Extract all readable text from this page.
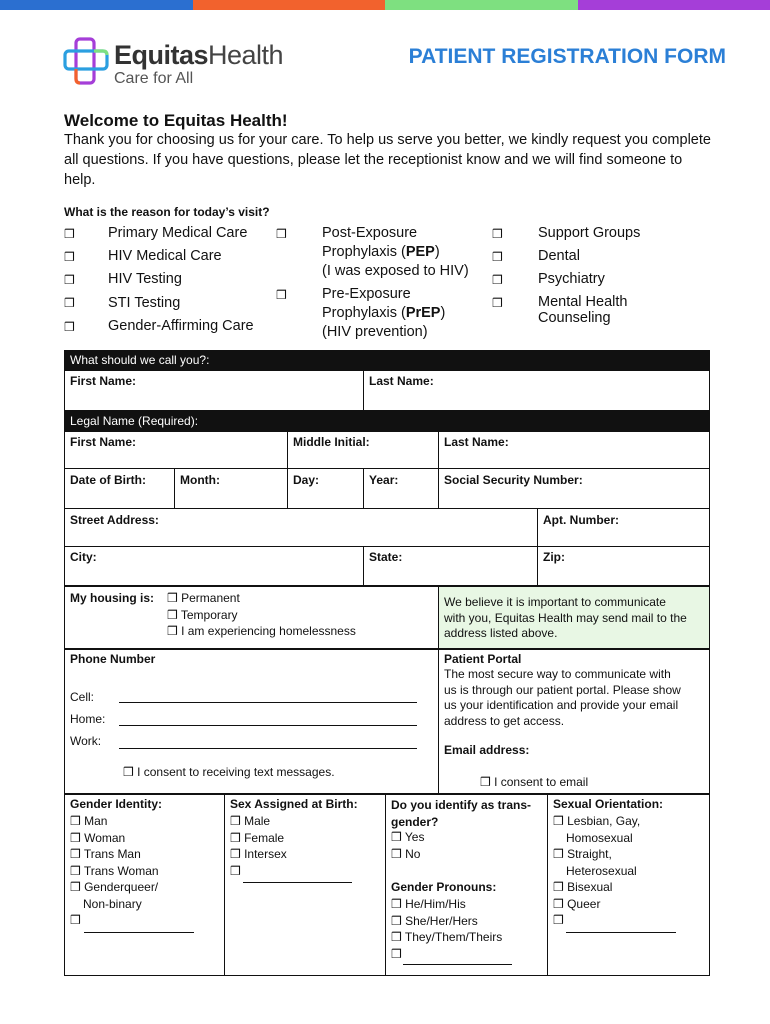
EquitasHealth
Care for All
PATIENT REGISTRATION FORM
Welcome to Equitas Health!
Thank you for choosing us for your care. To help us serve you better, we kindly request you complete all questions. If you have questions, please let the receptionist know and we will find someone to help.
What is the reason for today’s visit?
❒ Primary Medical Care
❒ HIV Medical Care
❒ HIV Testing
❒ STI Testing
❒ Gender-Affirming Care
❒ Post-Exposure
Prophylaxis (PEP)
(I was exposed to HIV)
❒ Pre-Exposure
Prophylaxis (PrEP)
(HIV prevention)
❒ Support Groups
❒ Dental
❒ Psychiatry
❒ Mental Health
Counseling
What should we call you?:
First Name:	Last Name:
Legal Name (Required):
First Name:	Middle Initial:	Last Name:
Date of Birth:	Month:	Day:	Year:	Social Security Number:
Street Address:	Apt. Number:
City:	State:	Zip:
My housing is: ❒ Permanent
❒ Temporary
❒ I am experiencing homelessness
We believe it is important to communicate
with you, Equitas Health may send mail to the
address listed above.
Phone Number
Cell:
Home:
Work:
❒ I consent to receiving text messages.
Patient Portal
The most secure way to communicate with
us is through our patient portal. Please show
us your identification and provide your email
address to get access.
Email address:
❒ I consent to email
Gender Identity:
❒ Man
❒ Woman
❒ Trans Man
❒ Trans Woman
❒ Genderqueer/
Non-binary
❒
Sex Assigned at Birth:
❒ Male
❒ Female
❒ Intersex
❒
Do you identify as trans-
gender?
❒ Yes
❒ No
Gender Pronouns:
❒ He/Him/His
❒ She/Her/Hers
❒ They/Them/Theirs
❒
Sexual Orientation:
❒ Lesbian, Gay,
Homosexual
❒ Straight,
Heterosexual
❒ Bisexual
❒ Queer
❒
